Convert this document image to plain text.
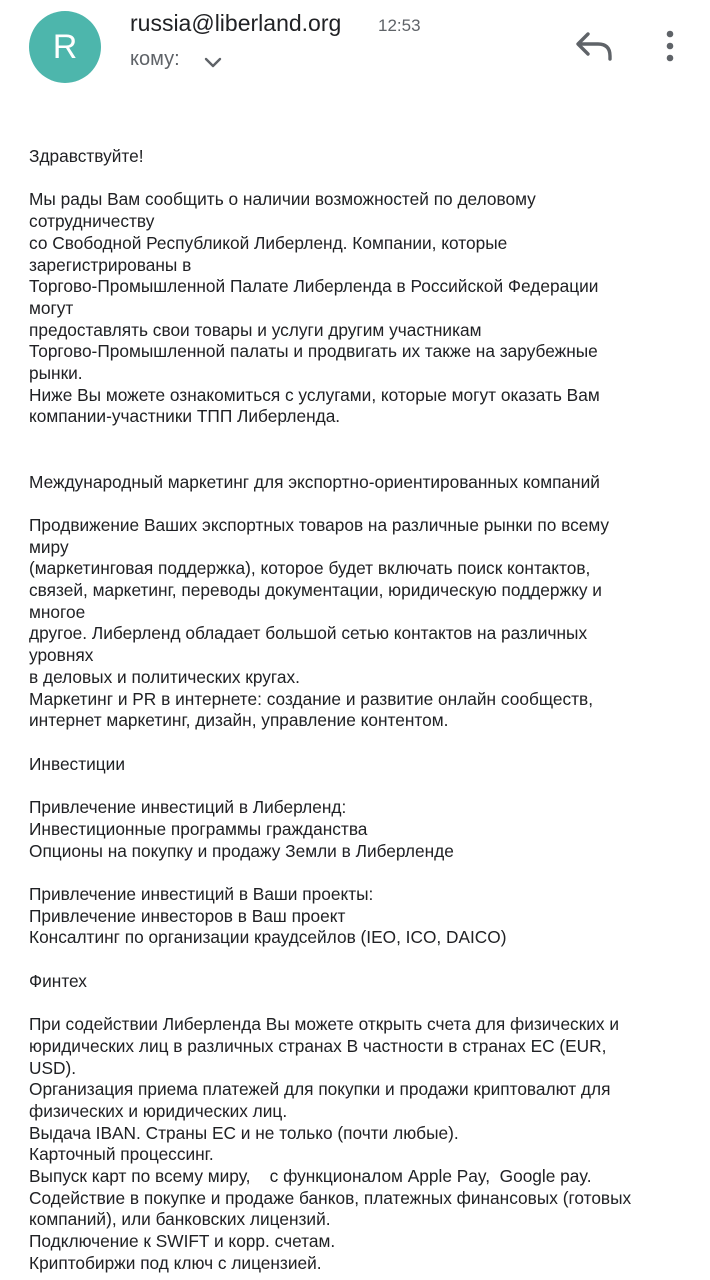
R
russia@liberland.org 12:53
кому:

Здравствуйте!

Мы рады Вам сообщить о наличии возможностей по деловому

сотрудничеству

со Свободной Республикой Либерленд. Компании, которые

зарегистрированы в

Торгово-Промышленной Палате Либерленда в Российской Федерации

могут

предоставлять свои товары и услуги другим участникам

Торгово-Промышленной палаты и продвигать их также на зарубежные

рынки.

Ниже Вы можете ознакомиться с услугами, которые могут оказать Вам

компании-участники ТПП Либерленда.

Международный маркетинг для экспортно-ориентированных компаний

Продвижение Ваших экспортных товаров на различные рынки по всему

миру

(маркетинговая поддержка), которое будет включать поиск контактов,

связей, маркетинг, переводы документации, юридическую поддержку и

многое

другое. Либерленд обладает большой сетью контактов на различных

уровнях

в деловых и политических кругах.

Маркетинг и PR в интернете: создание и развитие онлайн сообществ,

интернет маркетинг, дизайн, управление контентом.

Инвестиции

Привлечение инвестиций в Либерленд:

Инвестиционные программы гражданства

Опционы на покупку и продажу Земли в Либерленде

Привлечение инвестиций в Ваши проекты:

Привлечение инвесторов в Ваш проект

Консалтинг по организации краудсейлов (IEO, ICO, DAICO)

Финтех

При содействии Либерленда Вы можете открыть счета для физических и

юридических лиц в различных странах В частности в странах ЕС (EUR,

USD).

Организация приема платежей для покупки и продажи криптовалют для

физических и юридических лиц.

Выдача IBAN. Страны ЕС и не только (почти любые).

Карточный процессинг.

Выпуск карт по всему миру,    с функционалом Apple Pay,  Google pay.

Содействие в покупке и продаже банков, платежных финансовых (готовых

компаний), или банковских лицензий.

Подключение к SWIFT и корр. счетам.

Криптобиржи под ключ с лицензией.
